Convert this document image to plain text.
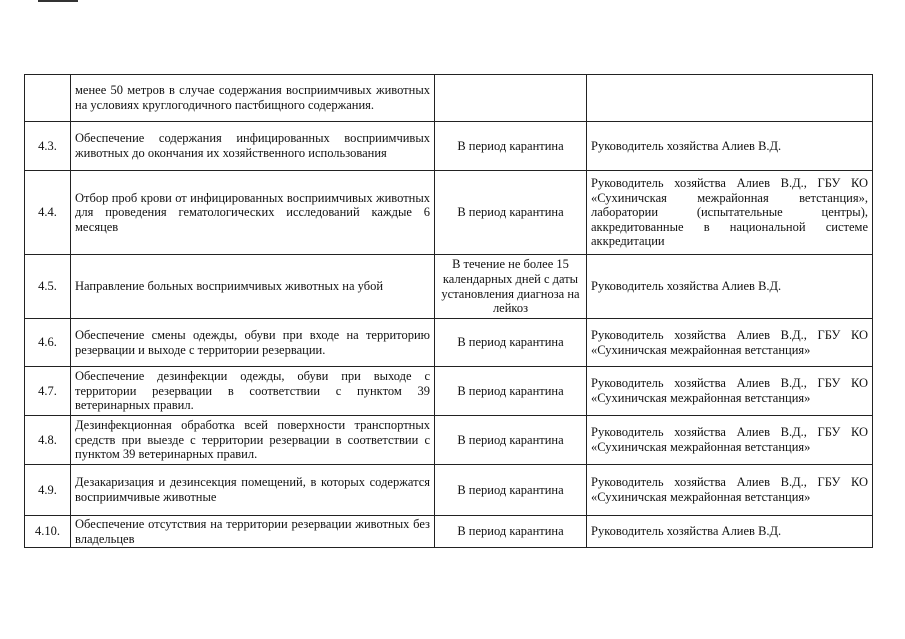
	менее 50 метров в случае содержания восприимчивых животных на условиях круглогодичного пастбищного содержания.		
4.3.	Обеспечение содержания инфицированных восприимчивых животных до окончания их хозяйственного использования	В период карантина	Руководитель хозяйства Алиев В.Д.
4.4.	Отбор проб крови от инфицированных восприимчивых животных для проведения гематологических исследований каждые 6 месяцев	В период карантина	Руководитель хозяйства Алиев В.Д., ГБУ КО «Сухиничская межрайонная ветстанция», лаборатории (испытательные центры), аккредитованные в национальной системе аккредитации
4.5.	Направление больных восприимчивых животных на убой	В течение не более 15 календарных дней с даты установления диагноза на лейкоз	Руководитель хозяйства Алиев В.Д.
4.6.	Обеспечение смены одежды, обуви при входе на территорию резервации и выходе с территории резервации.	В период карантина	Руководитель хозяйства Алиев В.Д., ГБУ КО «Сухиничская межрайонная ветстанция»
4.7.	Обеспечение дезинфекции одежды, обуви при выходе с территории резервации в соответствии с пунктом 39 ветеринарных правил.	В период карантина	Руководитель хозяйства Алиев В.Д., ГБУ КО «Сухиничская межрайонная ветстанция»
4.8.	Дезинфекционная обработка всей поверхности транспортных средств при выезде с территории резервации в соответствии с пунктом 39 ветеринарных правил.	В период карантина	Руководитель хозяйства Алиев В.Д., ГБУ КО «Сухиничская межрайонная ветстанция»
4.9.	Дезакаризация и дезинсекция помещений, в которых содержатся восприимчивые животные	В период карантина	Руководитель хозяйства Алиев В.Д., ГБУ КО «Сухиничская межрайонная ветстанция»
4.10.	Обеспечение отсутствия на территории резервации животных без владельцев	В период карантина	Руководитель хозяйства Алиев В.Д.
